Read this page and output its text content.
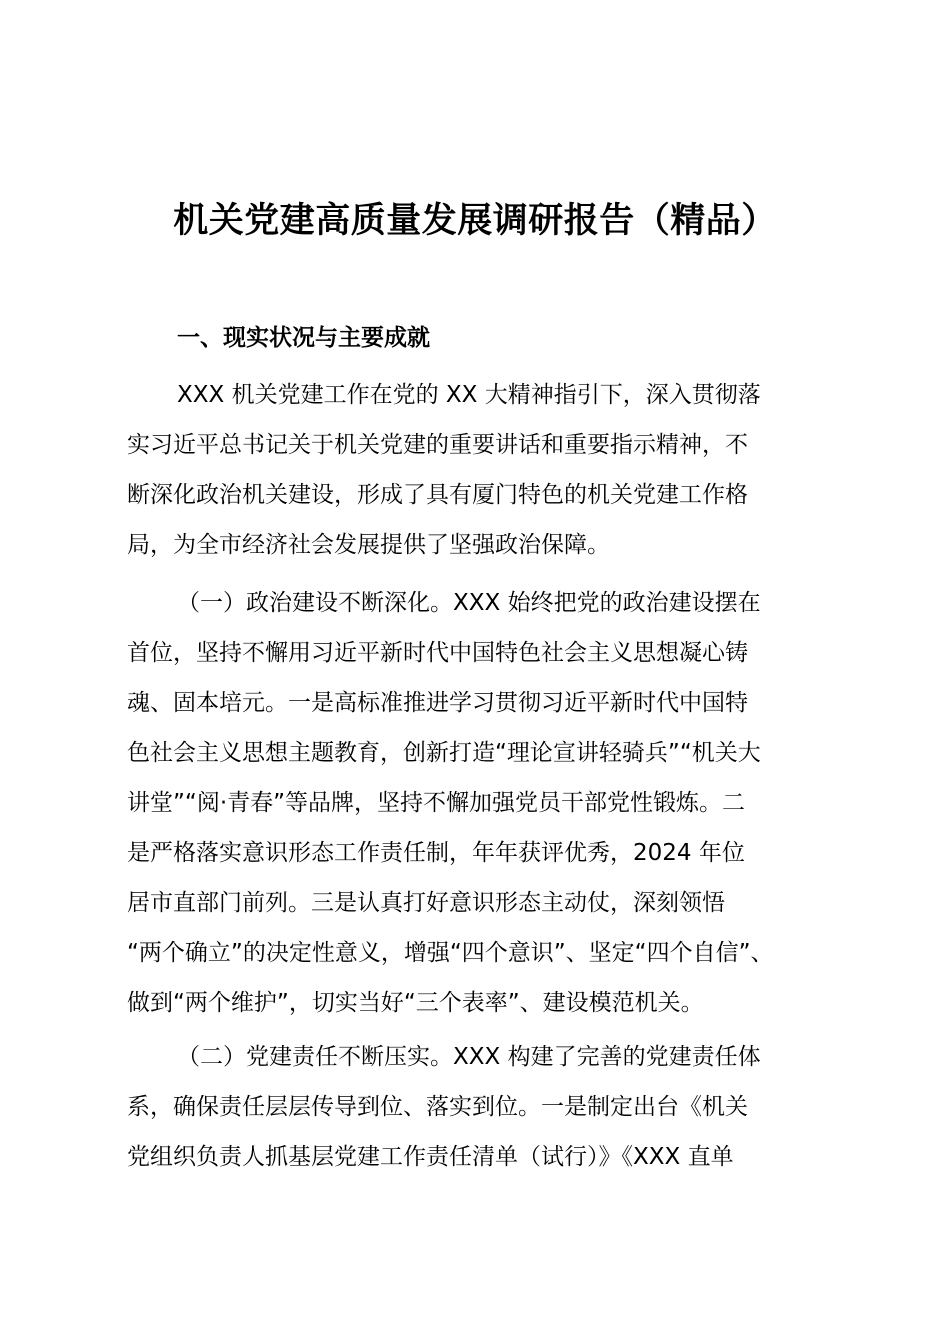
机关党建高质量发展调研报告（精品）
一、现实状况与主要成就
XXX 机关党建工作在党的 XX 大精神指引下，深入贯彻落
实习近平总书记关于机关党建的重要讲话和重要指示精神，不
断深化政治机关建设，形成了具有厦门特色的机关党建工作格
局，为全市经济社会发展提供了坚强政治保障。
（一）政治建设不断深化。XXX 始终把党的政治建设摆在
首位，坚持不懈用习近平新时代中国特色社会主义思想凝心铸
魂、固本培元。一是高标准推进学习贯彻习近平新时代中国特
色社会主义思想主题教育，创新打造“理论宣讲轻骑兵”“机关大
讲堂”“阅·青春”等品牌，坚持不懈加强党员干部党性锻炼。二
是严格落实意识形态工作责任制，年年获评优秀，2024 年位
居市直部门前列。三是认真打好意识形态主动仗，深刻领悟
“两个确立”的决定性意义，增强“四个意识”、坚定“四个自信”、
做到“两个维护”，切实当好“三个表率”、建设模范机关。
（二）党建责任不断压实。XXX 构建了完善的党建责任体
系，确保责任层层传导到位、落实到位。一是制定出台《机关
党组织负责人抓基层党建工作责任清单（试行）》《XXX 直单
